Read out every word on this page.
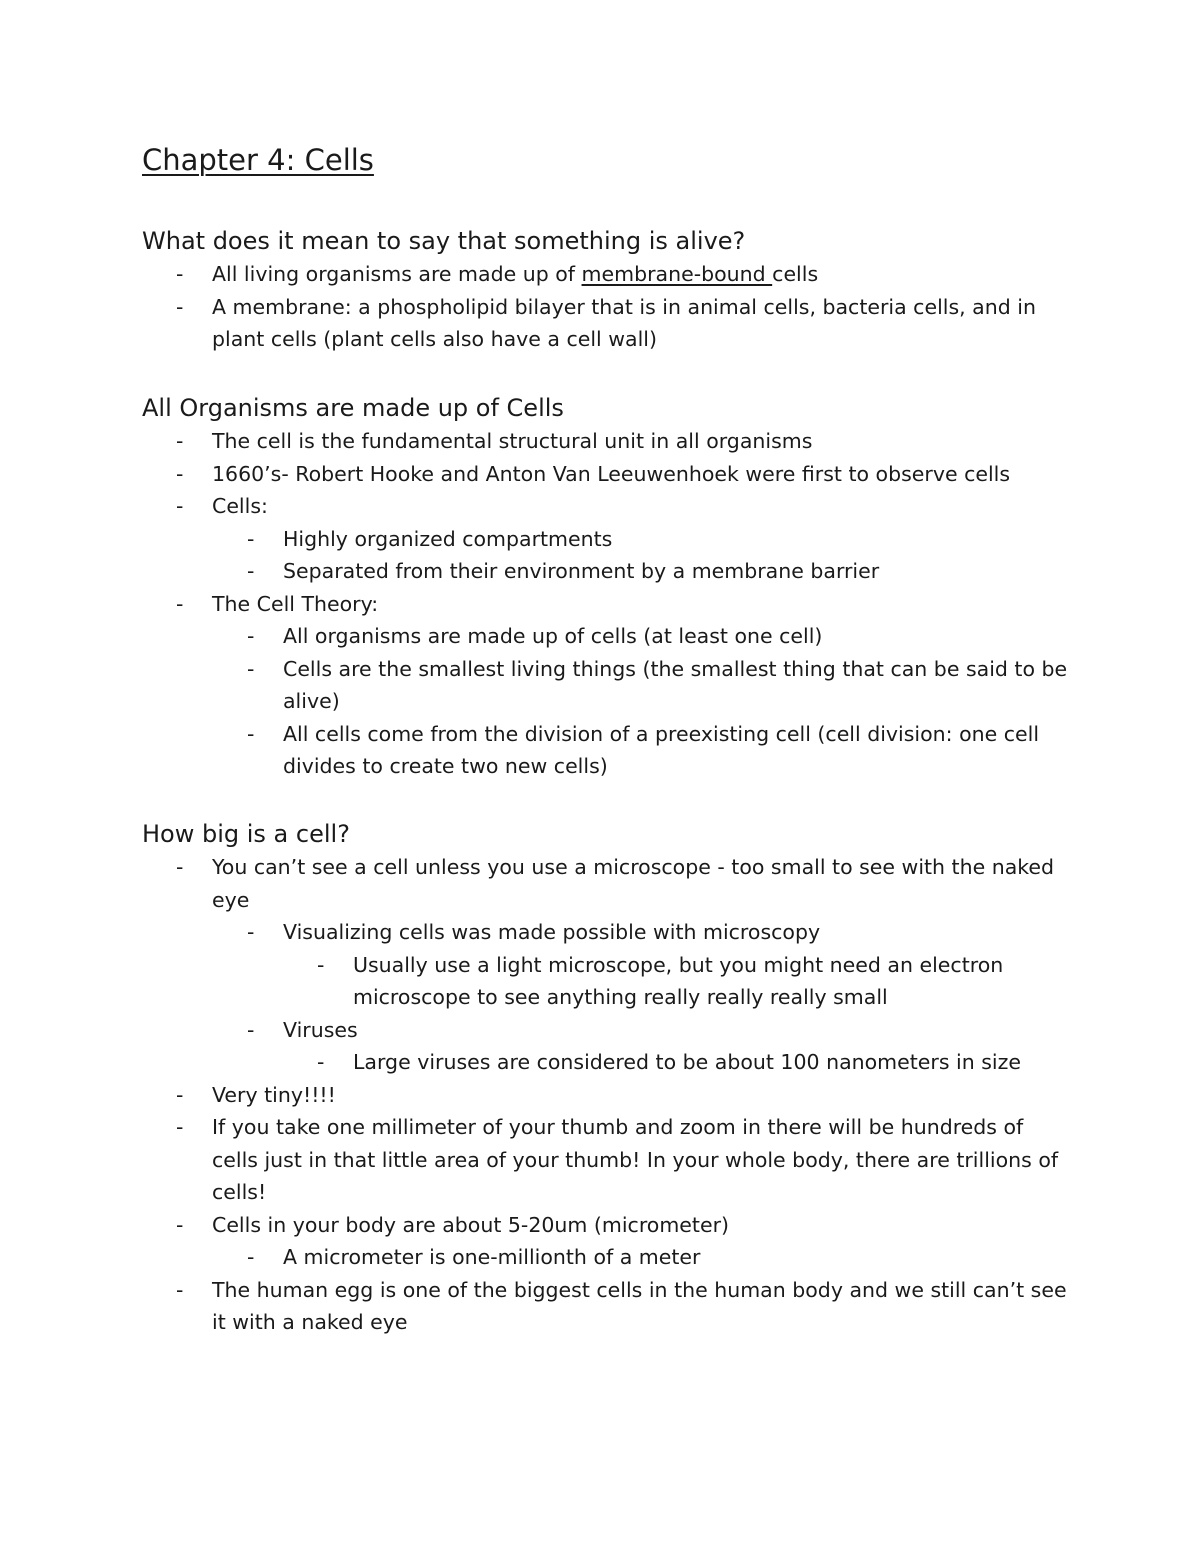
Chapter 4: Cells
What does it mean to say that something is alive?
- All living organisms are made up of membrane-bound cells
- A membrane: a phospholipid bilayer that is in animal cells, bacteria cells, and in plant cells (plant cells also have a cell wall)
All Organisms are made up of Cells
- The cell is the fundamental structural unit in all organisms
- 1660’s- Robert Hooke and Anton Van Leeuwenhoek were first to observe cells
- Cells:
- Highly organized compartments
- Separated from their environment by a membrane barrier
- The Cell Theory:
- All organisms are made up of cells (at least one cell)
- Cells are the smallest living things (the smallest thing that can be said to be alive)
- All cells come from the division of a preexisting cell (cell division: one cell divides to create two new cells)
How big is a cell?
- You can’t see a cell unless you use a microscope - too small to see with the naked eye
- Visualizing cells was made possible with microscopy
- Usually use a light microscope, but you might need an electron microscope to see anything really really really small
- Viruses
- Large viruses are considered to be about 100 nanometers in size
- Very tiny!!!!
- If you take one millimeter of your thumb and zoom in there will be hundreds of cells just in that little area of your thumb! In your whole body, there are trillions of cells!
- Cells in your body are about 5-20um (micrometer)
- A micrometer is one-millionth of a meter
- The human egg is one of the biggest cells in the human body and we still can’t see it with a naked eye
